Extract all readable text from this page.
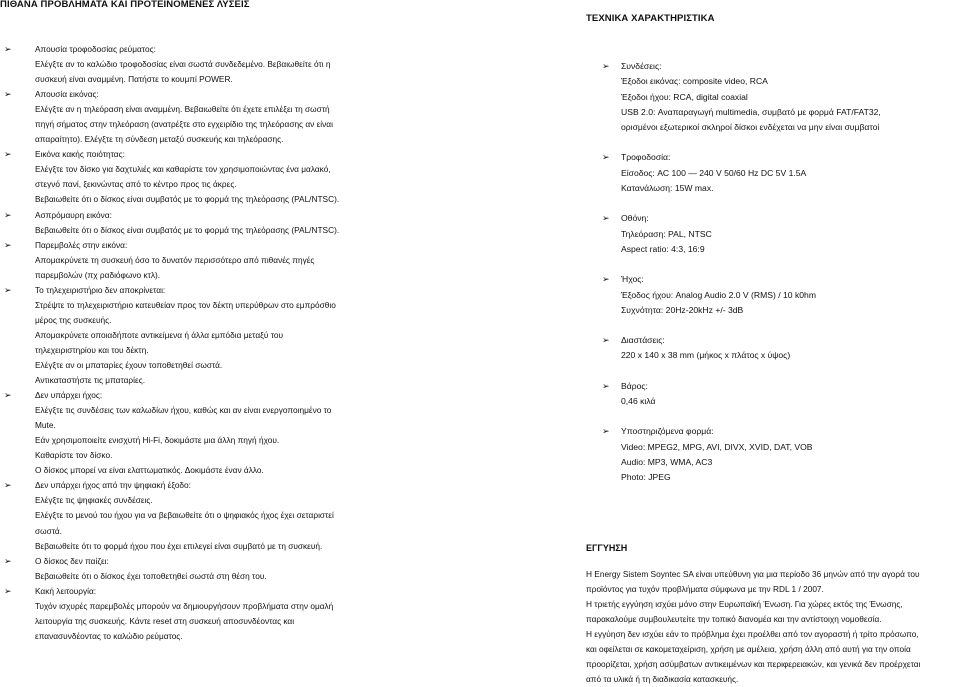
ΠΙΘΑΝΑ ΠΡΟΒΛΗΜΑΤΑ ΚΑΙ ΠΡΟΤΕΙΝΟΜΕΝΕΣ ΛΥΣΕΙΣ
➢	Απουσία τροφοδοσίας ρεύματος:
Ελέγξτε αν το καλώδιο τροφοδοσίας είναι σωστά συνδεδεμένο. Βεβαιωθείτε ότι η
συσκευή είναι αναμμένη. Πατήστε το κουμπί POWER.
➢	Απουσία εικόνας:
Ελέγξτε αν η τηλεόραση είναι αναμμένη. Βεβαιωθείτε ότι έχετε επιλέξει τη σωστή
πηγή σήματος στην τηλεόραση (ανατρέξτε στο εγχειρίδιο της τηλεόρασης αν είναι
απαραίτητο). Ελέγξτε τη σύνδεση μεταξύ συσκευής και τηλεόρασης.
➢	Εικόνα κακής ποιότητας:
Ελέγξτε τον δίσκο για δαχτυλιές και καθαρίστε τον χρησιμοποιώντας ένα μαλακό,
στεγνό πανί, ξεκινώντας από το κέντρο προς τις άκρες.
Βεβαιωθείτε ότι ο δίσκος είναι συμβατός με το φορμά της τηλεόρασης (PAL/NTSC).
➢	Ασπρόμαυρη εικόνα:
Βεβαιωθείτε ότι ο δίσκος είναι συμβατός με το φορμά της τηλεόρασης (PAL/NTSC).
➢	Παρεμβολές στην εικόνα:
Απομακρύνετε τη συσκευή όσο το δυνατόν περισσότερο από πιθανές πηγές
παρεμβολών (πχ ραδιόφωνο κτλ).
➢	Το τηλεχειριστήριο δεν αποκρίνεται:
Στρέψτε το τηλεχειριστήριο κατευθείαν προς τον δέκτη υπερύθρων στο εμπρόσθιο
μέρος της συσκευής.
Απομακρύνετε οποιαδήποτε αντικείμενα ή άλλα εμπόδια μεταξύ του
τηλεχειριστηρίου και του δέκτη.
Ελέγξτε αν οι μπαταρίες έχουν τοποθετηθεί σωστά.
Αντικαταστήστε τις μπαταρίες.
➢	Δεν υπάρχει ήχος:
Ελέγξτε τις συνδέσεις των καλωδίων ήχου, καθώς και αν είναι ενεργοποιημένο το
Mute.
Εάν χρησιμοποιείτε ενισχυτή Hi-Fi, δοκιμάστε μια άλλη πηγή ήχου.
Καθαρίστε τον δίσκο.
Ο δίσκος μπορεί να είναι ελαττωματικός. Δοκιμάστε έναν άλλο.
➢	Δεν υπάρχει ήχος από την ψηφιακή έξοδο:
Ελέγξτε τις ψηφιακές συνδέσεις.
Ελέγξτε το μενού του ήχου για να βεβαιωθείτε ότι ο ψηφιακός ήχος έχει σεταριστεί
σωστά.
Βεβαιωθείτε ότι το φορμά ήχου που έχει επιλεγεί είναι συμβατό με τη συσκευή.
➢	Ο δίσκος δεν παίζει:
Βεβαιωθείτε ότι ο δίσκος έχει τοποθετηθεί σωστά στη θέση του.
➢	Κακή λειτουργία:
Τυχόν ισχυρές παρεμβολές μπορούν να δημιουργήσουν προβλήματα στην ομαλή
λειτουργία της συσκευής. Κάντε reset στη συσκευή αποσυνδέοντας και
επανασυνδέοντας το καλώδιο ρεύματος.
ΤΕΧΝΙΚΑ ΧΑΡΑΚΤΗΡΙΣΤΙΚΑ
➢ Συνδέσεις:
Έξοδοι εικόνας: composite video, RCA
Έξοδοι ήχου: RCA, digital coaxial
USB 2.0: Αναπαραγωγή multimedia, συμβατό με φορμά FAT/FAT32,
ορισμένοι εξωτερικοί σκληροί δίσκοι ενδέχεται να μην είναι συμβατοί
➢ Τροφοδοσία:
Είσοδος: AC 100 — 240 V 50/60 Hz DC 5V 1.5A
Κατανάλωση: 15W max.
➢ Οθόνη:
Τηλεόραση: PAL, NTSC
Aspect ratio: 4:3, 16:9
➢ Ήχος:
Έξοδος ήχου: Analog Audio 2.0 V (RMS) / 10 k0hm
Συχνότητα: 20Hz-20kHz +/- 3dB
➢ Διαστάσεις:
220 x 140 x 38 mm (μήκος x πλάτος x ύψος)
➢ Βάρος:
0,46 κιλά
➢ Υποστηριζόμενα φορμά:
Video: MPEG2, MPG, AVI, DIVX, XVID, DAT, VOB
Audio: MP3, WMA, AC3
Photo: JPEG
ΕΓΓΥΗΣΗ
H Energy Sistem Soyntec SA είναι υπεύθυνη για μια περίοδο 36 μηνών από την αγορά του
προϊόντος για τυχόν προβλήματα σύμφωνα με την RDL 1 / 2007.
Η τριετής εγγύηση ισχύει μόνο στην Ευρωπαϊκή Ένωση. Για χώρες εκτός της Ένωσης,
παρακαλούμε συμβουλευτείτε την τοπικό διανομέα και την αντίστοιχη νομοθεσία.
Η εγγύηση δεν ισχύει εάν το πρόβλημα έχει προέλθει από τον αγοραστή ή τρίτο πρόσωπο,
και οφείλεται σε κακομεταχείριση, χρήση με αμέλεια, χρήση άλλη από αυτή για την οποία
προορίζεται, χρήση ασύμβατων αντικειμένων και περιφερειακών, και γενικά δεν προέρχεται
από τα υλικά ή τη διαδικασία κατασκευής.
